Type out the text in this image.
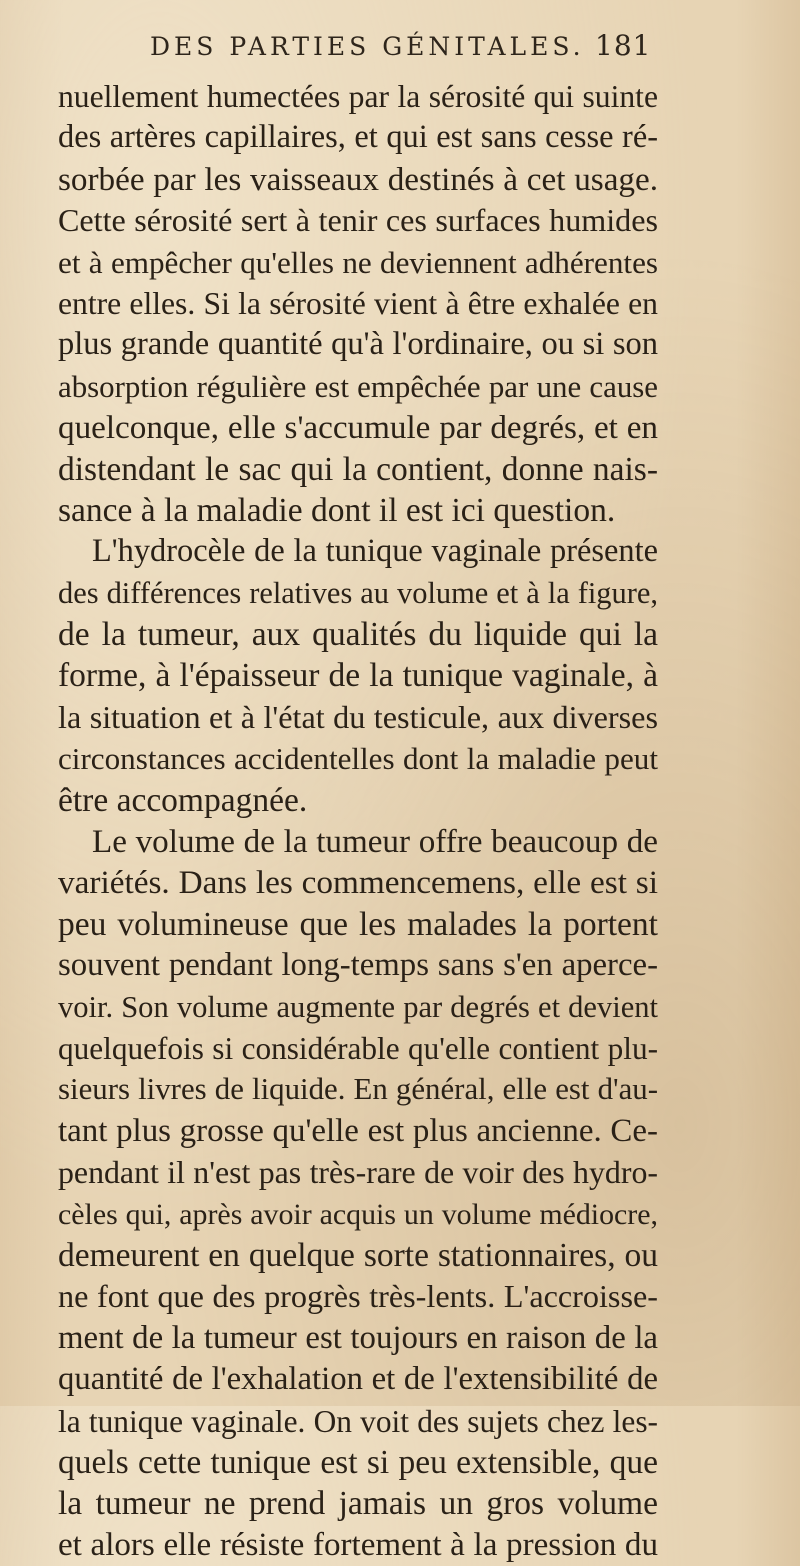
DES PARTIES GÉNITALES. 181
nuellement humectées par la sérosité qui suinte
des artères capillaires, et qui est sans cesse ré-
sorbée par les vaisseaux destinés à cet usage.
Cette sérosité sert à tenir ces surfaces humides
et à empêcher qu'elles ne deviennent adhérentes
entre elles. Si la sérosité vient à être exhalée en
plus grande quantité qu'à l'ordinaire, ou si son
absorption régulière est empêchée par une cause
quelconque, elle s'accumule par degrés, et en
distendant le sac qui la contient, donne nais-
sance à la maladie dont il est ici question.
L'hydrocèle de la tunique vaginale présente
des différences relatives au volume et à la figure,
de la tumeur, aux qualités du liquide qui la
forme, à l'épaisseur de la tunique vaginale, à
la situation et à l'état du testicule, aux diverses
circonstances accidentelles dont la maladie peut
être accompagnée.
Le volume de la tumeur offre beaucoup de
variétés. Dans les commencemens, elle est si
peu volumineuse que les malades la portent
souvent pendant long-temps sans s'en aperce-
voir. Son volume augmente par degrés et devient
quelquefois si considérable qu'elle contient plu-
sieurs livres de liquide. En général, elle est d'au-
tant plus grosse qu'elle est plus ancienne. Ce-
pendant il n'est pas très-rare de voir des hydro-
cèles qui, après avoir acquis un volume médiocre,
demeurent en quelque sorte stationnaires, ou
ne font que des progrès très-lents. L'accroisse-
ment de la tumeur est toujours en raison de la
quantité de l'exhalation et de l'extensibilité de
la tunique vaginale. On voit des sujets chez les-
quels cette tunique est si peu extensible, que
la tumeur ne prend jamais un gros volume
et alors elle résiste fortement à la pression du
